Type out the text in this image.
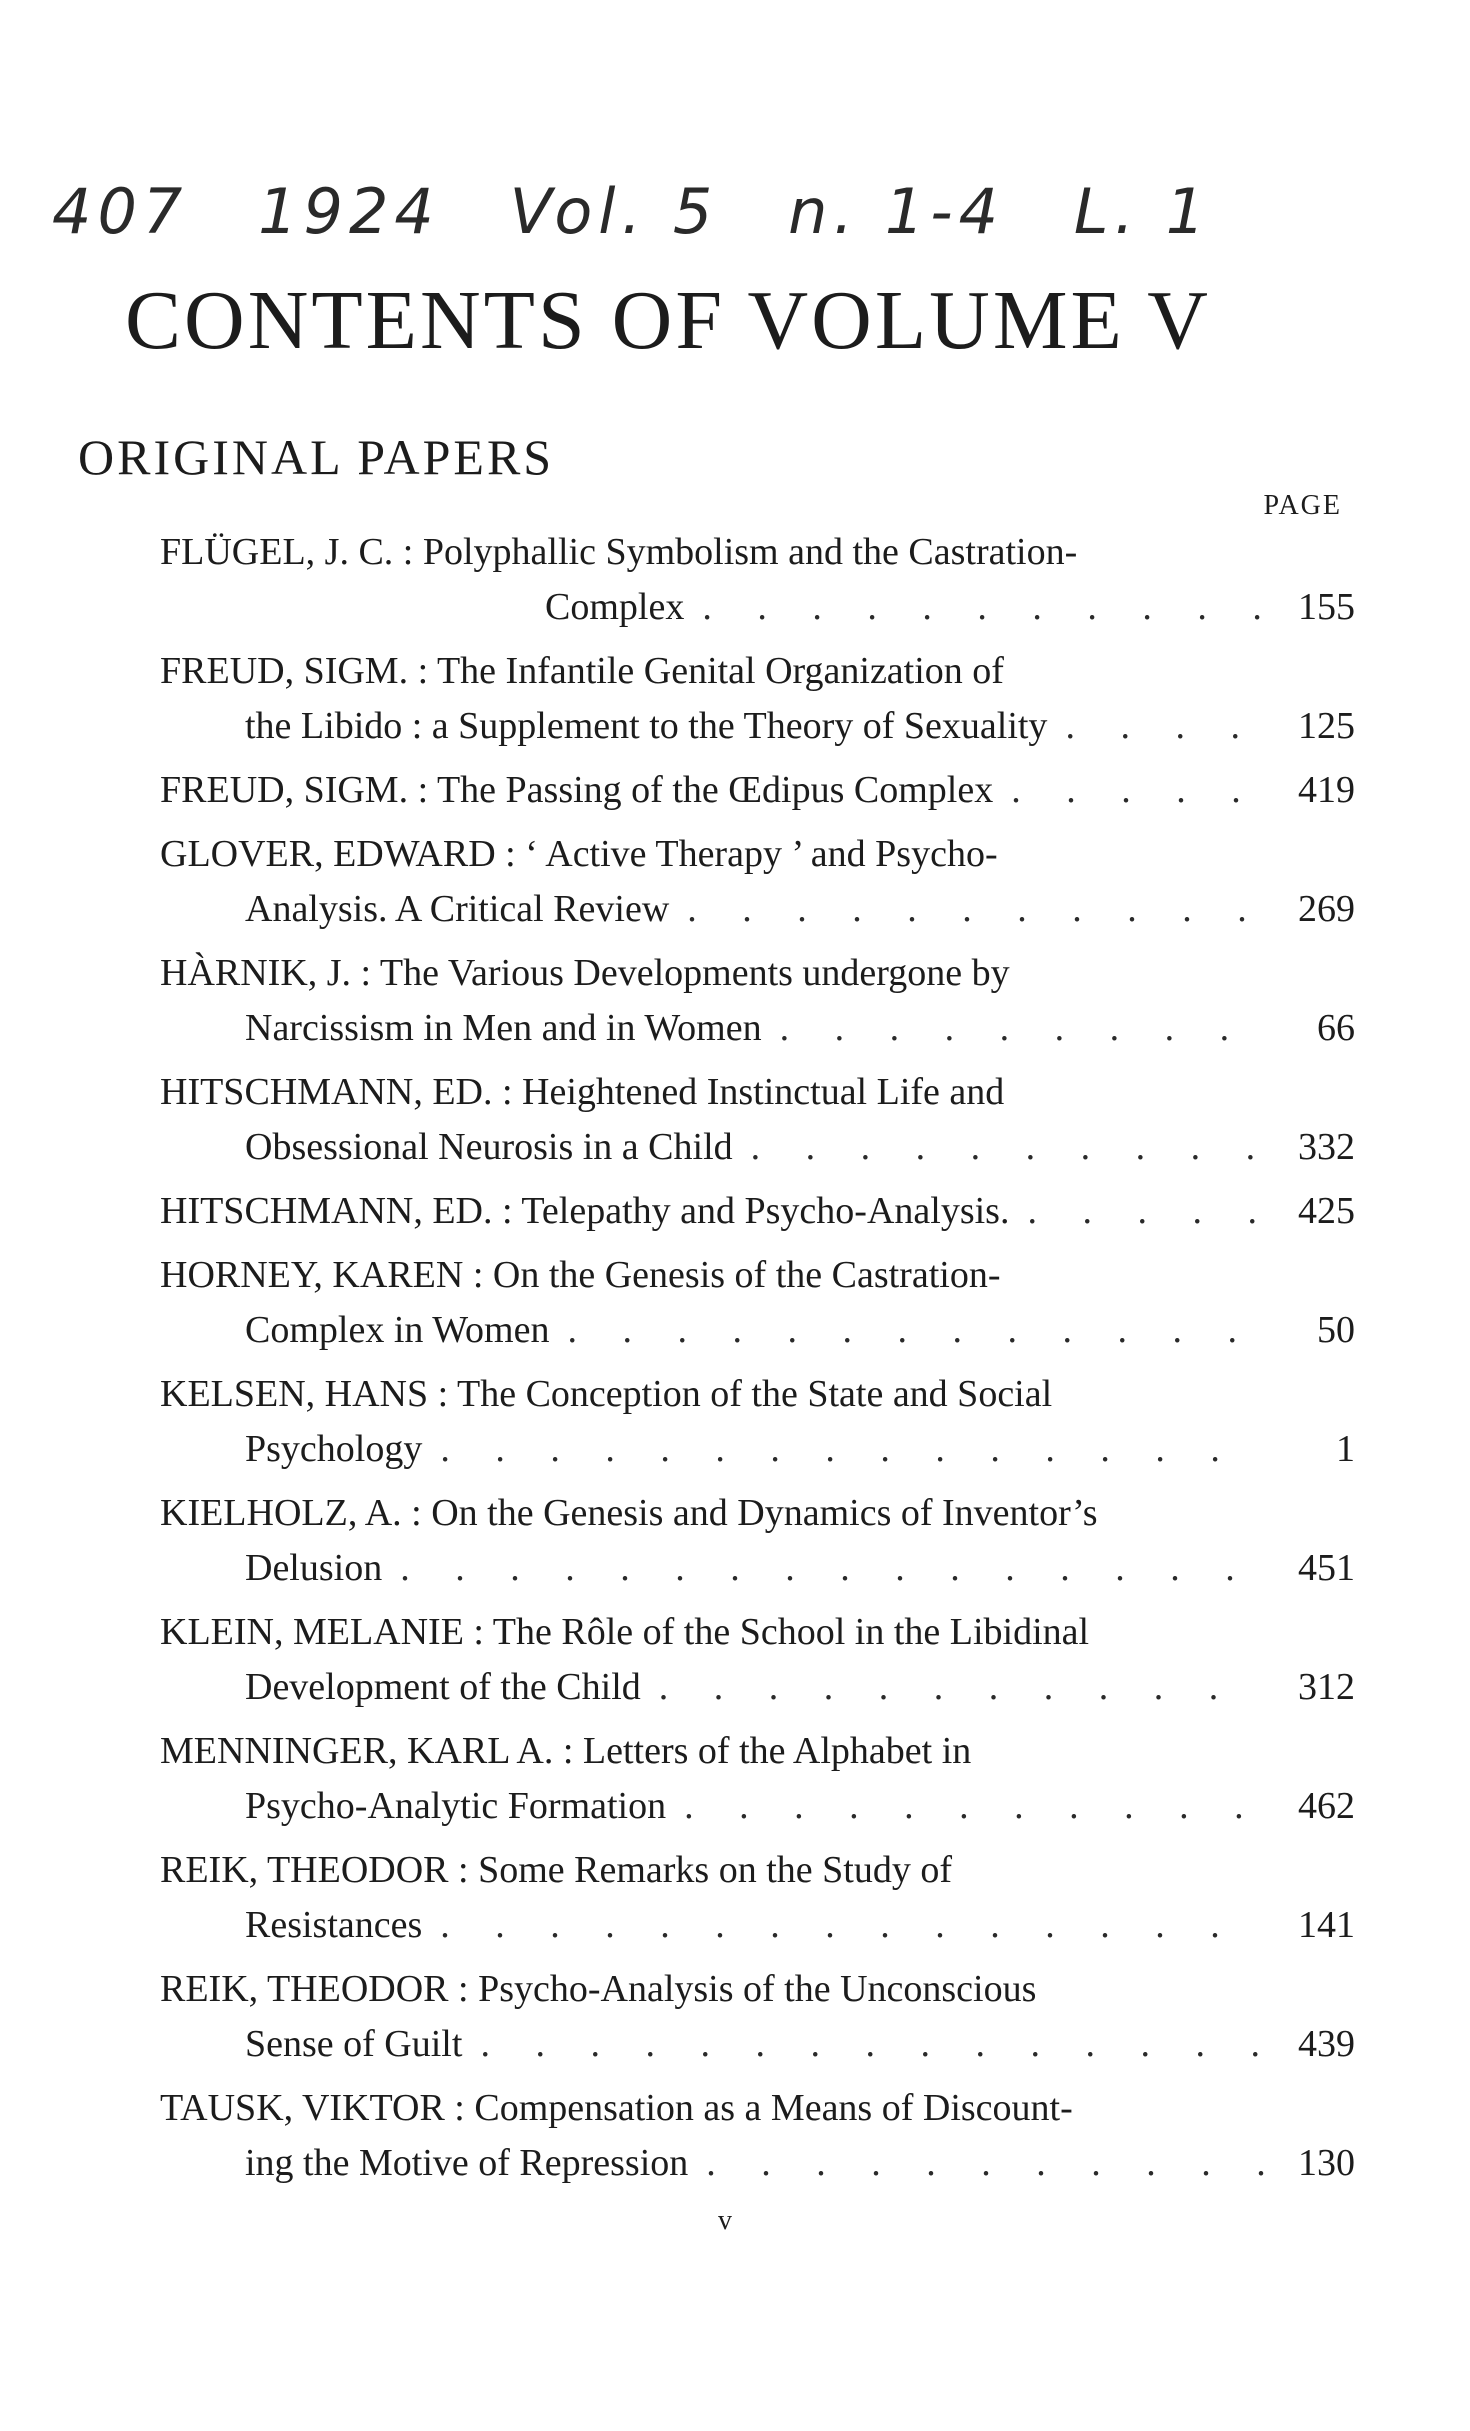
407 1924 Vol. 5 n. 1-4 L. 1
CONTENTS OF VOLUME V
ORIGINAL PAPERS
PAGE
FLÜGEL, J. C. : Polyphallic Symbolism and the Castration-
Complex . . .	155
FREUD, SIGM. : The Infantile Genital Organization of
the Libido : a Supplement to the Theory of Sexuality . . .	125
FREUD, SIGM. : The Passing of the Œdipus Complex . . .	419
GLOVER, EDWARD : ‘ Active Therapy ’ and Psycho-
Analysis. A Critical Review . . .	269
HÀRNIK, J. : The Various Developments undergone by
Narcissism in Men and in Women . . .	66
HITSCHMANN, ED. : Heightened Instinctual Life and
Obsessional Neurosis in a Child . . .	332
HITSCHMANN, ED. : Telepathy and Psycho-Analysis. . . .	425
HORNEY, KAREN : On the Genesis of the Castration-
Complex in Women . . .	50
KELSEN, HANS : The Conception of the State and Social
Psychology . . .	1
KIELHOLZ, A. : On the Genesis and Dynamics of Inventor’s
Delusion . . .	451
KLEIN, MELANIE : The Rôle of the School in the Libidinal
Development of the Child . . .	312
MENNINGER, KARL A. : Letters of the Alphabet in
Psycho-Analytic Formation . . .	462
REIK, THEODOR : Some Remarks on the Study of
Resistances . . .	141
REIK, THEODOR : Psycho-Analysis of the Unconscious
Sense of Guilt . . .	439
TAUSK, VIKTOR : Compensation as a Means of Discount-
ing the Motive of Repression . . .	130
v
